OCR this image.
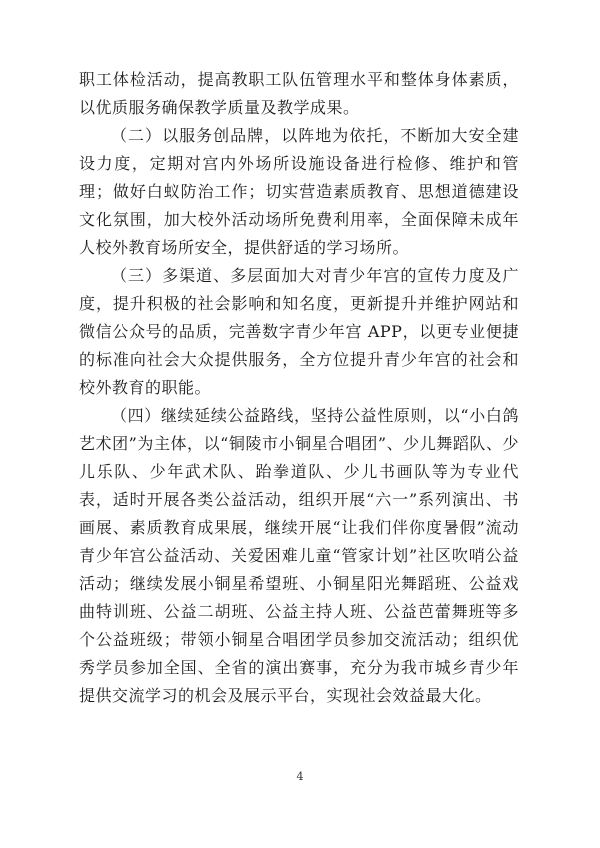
职工体检活动，提高教职工队伍管理水平和整体身体素质，以优质服务确保教学质量及教学成果。

（二）以服务创品牌，以阵地为依托，不断加大安全建设力度，定期对宫内外场所设施设备进行检修、维护和管理；做好白蚁防治工作；切实营造素质教育、思想道德建设文化氛围，加大校外活动场所免费利用率，全面保障未成年人校外教育场所安全，提供舒适的学习场所。

（三）多渠道、多层面加大对青少年宫的宣传力度及广度，提升积极的社会影响和知名度，更新提升并维护网站和微信公众号的品质，完善数字青少年宫 APP，以更专业便捷的标准向社会大众提供服务，全方位提升青少年宫的社会和校外教育的职能。

（四）继续延续公益路线，坚持公益性原则，以“小白鸽艺术团”为主体，以“铜陵市小铜星合唱团”、少儿舞蹈队、少儿乐队、少年武术队、跆拳道队、少儿书画队等为专业代表，适时开展各类公益活动，组织开展“六一”系列演出、书画展、素质教育成果展，继续开展“让我们伴你度暑假”流动青少年宫公益活动、关爱困难儿童“管家计划”社区吹哨公益活动；继续发展小铜星希望班、小铜星阳光舞蹈班、公益戏曲特训班、公益二胡班、公益主持人班、公益芭蕾舞班等多个公益班级；带领小铜星合唱团学员参加交流活动；组织优秀学员参加全国、全省的演出赛事，充分为我市城乡青少年提供交流学习的机会及展示平台，实现社会效益最大化。

4
